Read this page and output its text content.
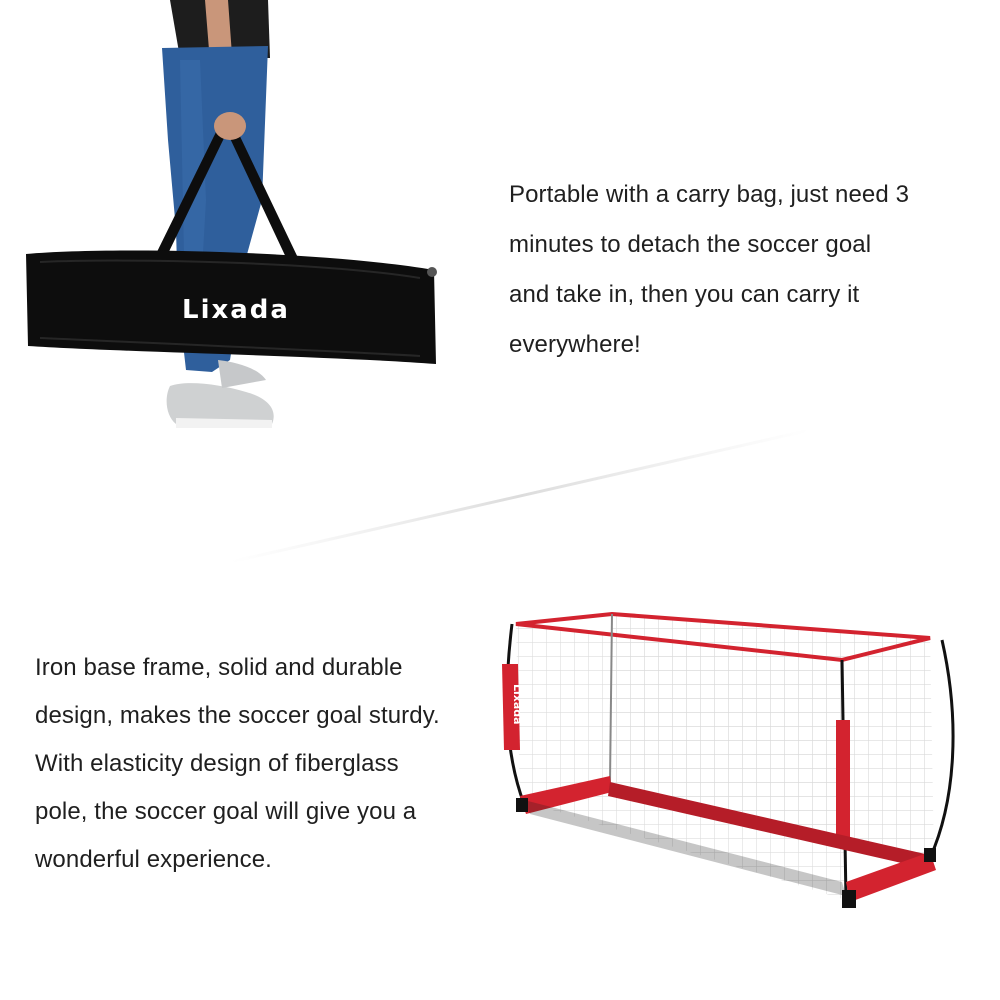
Lixada
Portable with a carry bag, just need 3
minutes to detach the soccer goal
and take in, then you can carry it
everywhere!
Iron base frame, solid and durable
design, makes the soccer goal sturdy.
With elasticity design of fiberglass
pole, the soccer goal will give you a
wonderful experience.
Lixada
